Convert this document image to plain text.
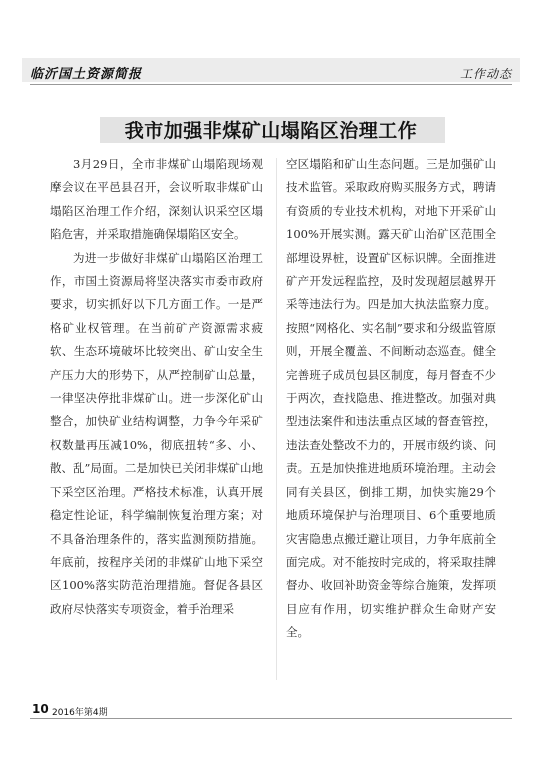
临沂国土资源简报	工作动态
我市加强非煤矿山塌陷区治理工作

3月29日，全市非煤矿山塌陷现场观摩会议在平邑县召开，会议听取非煤矿山塌陷区治理工作介绍，深刻认识采空区塌陷危害，并采取措施确保塌陷区安全。

为进一步做好非煤矿山塌陷区治理工作，市国土资源局将坚决落实市委市政府要求，切实抓好以下几方面工作。一是严格矿业权管理。在当前矿产资源需求疲软、生态环境破坏比较突出、矿山安全生产压力大的形势下，从严控制矿山总量，一律坚决停批非煤矿山。进一步深化矿山整合，加快矿业结构调整，力争今年采矿权数量再压减10%，彻底扭转“多、小、散、乱”局面。二是加快已关闭非煤矿山地下采空区治理。严格技术标准，认真开展稳定性论证，科学编制恢复治理方案；对不具备治理条件的，落实监测预防措施。年底前，按程序关闭的非煤矿山地下采空区100%落实防范治理措施。督促各县区政府尽快落实专项资金，着手治理采

空区塌陷和矿山生态问题。三是加强矿山技术监管。采取政府购买服务方式，聘请有资质的专业技术机构，对地下开采矿山100%开展实测。露天矿山治矿区范围全部埋设界桩，设置矿区标识牌。全面推进矿产开发远程监控，及时发现超层越界开采等违法行为。四是加大执法监察力度。按照“网格化、实名制”要求和分级监管原则，开展全覆盖、不间断动态巡查。健全完善班子成员包县区制度，每月督查不少于两次，查找隐患、推进整改。加强对典型违法案件和违法重点区域的督查管控，违法查处整改不力的，开展市级约谈、问责。五是加快推进地质环境治理。主动会同有关县区，倒排工期，加快实施29个地质环境保护与治理项目、6个重要地质灾害隐患点搬迁避让项目，力争年底前全面完成。对不能按时完成的，将采取挂牌督办、收回补助资金等综合施策，发挥项目应有作用，切实维护群众生命财产安全。

10 2016年第4期
